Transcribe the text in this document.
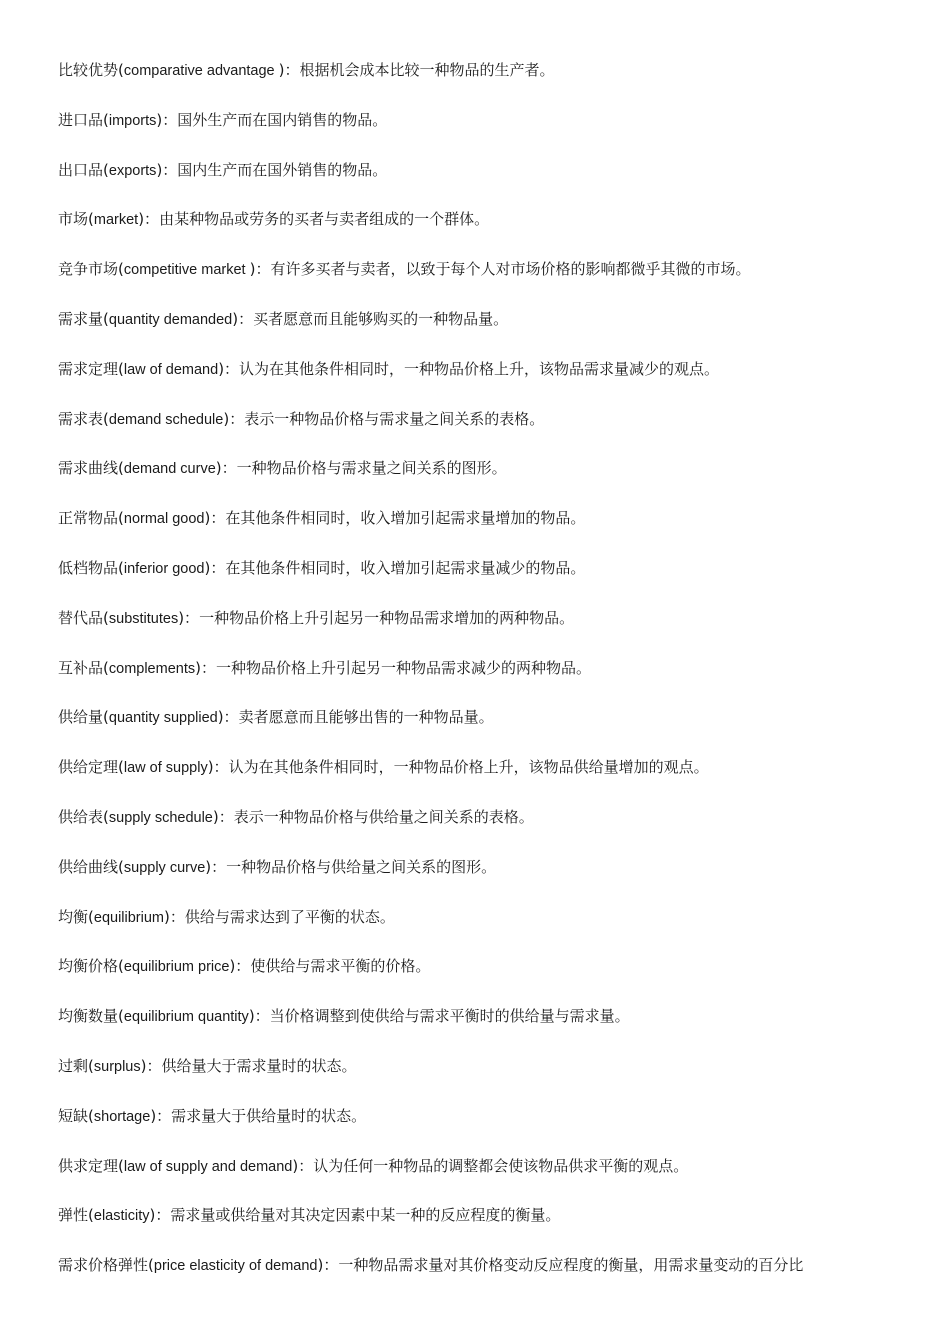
比较优势(comparative advantage )：根据机会成本比较一种物品的生产者。
进口品(imports)：国外生产而在国内销售的物品。
出口品(exports)：国内生产而在国外销售的物品。
市场(market)：由某种物品或劳务的买者与卖者组成的一个群体。
竞争市场(competitive market )：有许多买者与卖者，以致于每个人对市场价格的影响都微乎其微的市场。
需求量(quantity demanded)：买者愿意而且能够购买的一种物品量。
需求定理(law of demand)：认为在其他条件相同时，一种物品价格上升，该物品需求量减少的观点。
需求表(demand schedule)：表示一种物品价格与需求量之间关系的表格。
需求曲线(demand curve)：一种物品价格与需求量之间关系的图形。
正常物品(normal good)：在其他条件相同时，收入增加引起需求量增加的物品。
低档物品(inferior good)：在其他条件相同时，收入增加引起需求量减少的物品。
替代品(substitutes)：一种物品价格上升引起另一种物品需求增加的两种物品。
互补品(complements)：一种物品价格上升引起另一种物品需求减少的两种物品。
供给量(quantity supplied)：卖者愿意而且能够出售的一种物品量。
供给定理(law of supply)：认为在其他条件相同时，一种物品价格上升，该物品供给量增加的观点。
供给表(supply schedule)：表示一种物品价格与供给量之间关系的表格。
供给曲线(supply curve)：一种物品价格与供给量之间关系的图形。
均衡(equilibrium)：供给与需求达到了平衡的状态。
均衡价格(equilibrium price)：使供给与需求平衡的价格。
均衡数量(equilibrium quantity)：当价格调整到使供给与需求平衡时的供给量与需求量。
过剩(surplus)：供给量大于需求量时的状态。
短缺(shortage)：需求量大于供给量时的状态。
供求定理(law of supply and demand)：认为任何一种物品的调整都会使该物品供求平衡的观点。
弹性(elasticity)：需求量或供给量对其决定因素中某一种的反应程度的衡量。
需求价格弹性(price elasticity of demand)：一种物品需求量对其价格变动反应程度的衡量，用需求量变动的百分比
